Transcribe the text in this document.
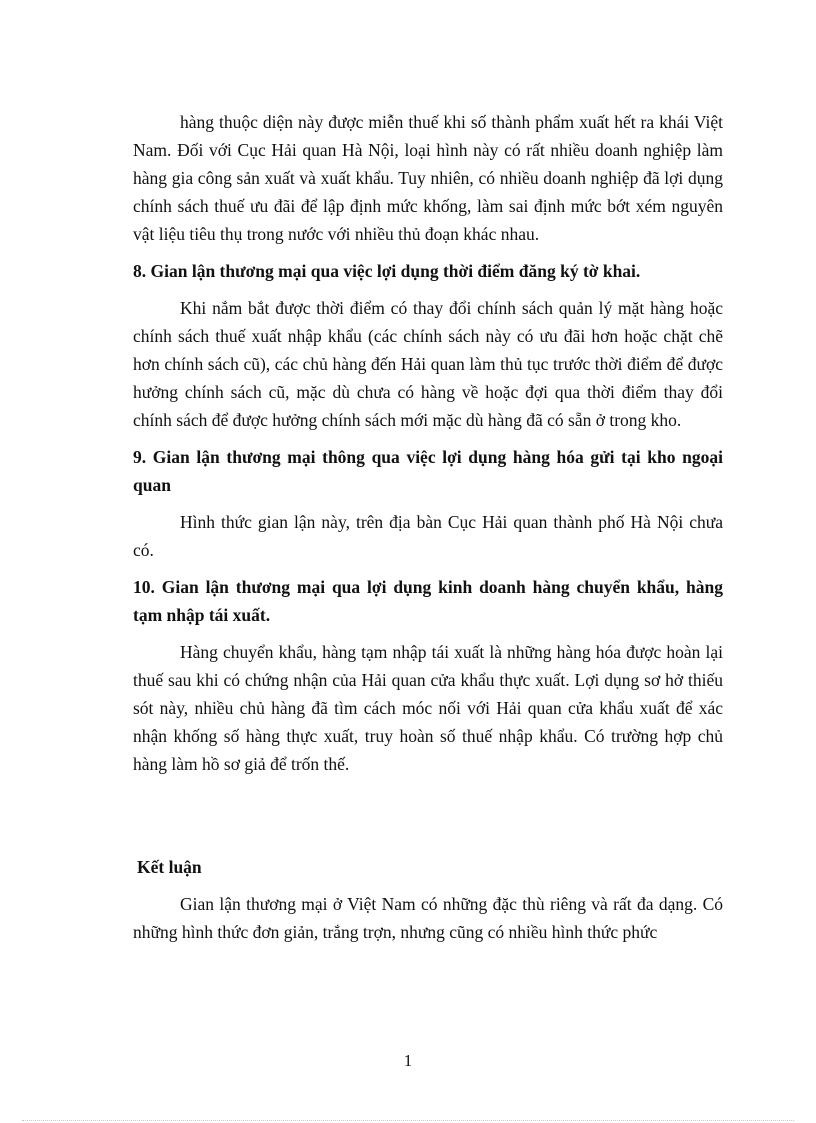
hàng thuộc diện này được miễn thuế khi số thành phẩm xuất hết ra khái Việt Nam. Đối với Cục Hải quan Hà Nội, loại hình này có rất nhiều doanh nghiệp làm hàng gia công sản xuất và xuất khẩu. Tuy nhiên, có nhiều doanh nghiệp đã lợi dụng chính sách thuế ưu đãi để lập định mức khống, làm sai định mức bớt xém nguyên vật liệu tiêu thụ trong nước với nhiều thủ đoạn khác nhau.

8. Gian lận thương mại qua việc lợi dụng thời điểm đăng ký tờ khai.

Khi nắm bắt được thời điểm có thay đổi chính sách quản lý mặt hàng hoặc chính sách thuế xuất nhập khẩu (các chính sách này có ưu đãi hơn hoặc chặt chẽ hơn chính sách cũ), các chủ hàng đến Hải quan làm thủ tục trước thời điểm để được hưởng chính sách cũ, mặc dù chưa có hàng về hoặc đợi qua thời điểm thay đổi chính sách để được hưởng chính sách mới mặc dù hàng đã có sẵn ở trong kho.

9. Gian lận thương mại thông qua việc lợi dụng hàng hóa gửi tại kho ngoại quan

Hình thức gian lận này, trên địa bàn Cục Hải quan thành phố Hà Nội chưa có.

10. Gian lận thương mại qua lợi dụng kinh doanh hàng chuyển khẩu, hàng tạm nhập tái xuất.

Hàng chuyển khẩu, hàng tạm nhập tái xuất là những hàng hóa được hoàn lại thuế sau khi có chứng nhận của Hải quan cửa khẩu thực xuất. Lợi dụng sơ hở thiếu sót này, nhiều chủ hàng đã tìm cách móc nối với Hải quan cửa khẩu xuất để xác nhận khống số hàng thực xuất, truy hoàn số thuế nhập khẩu. Có trường hợp chủ hàng làm hồ sơ giả để trốn thế.

Kết luận

Gian lận thương mại ở Việt Nam có những đặc thù riêng và rất đa dạng. Có những hình thức đơn giản, trắng trợn, nhưng cũng có nhiều hình thức phức

1
